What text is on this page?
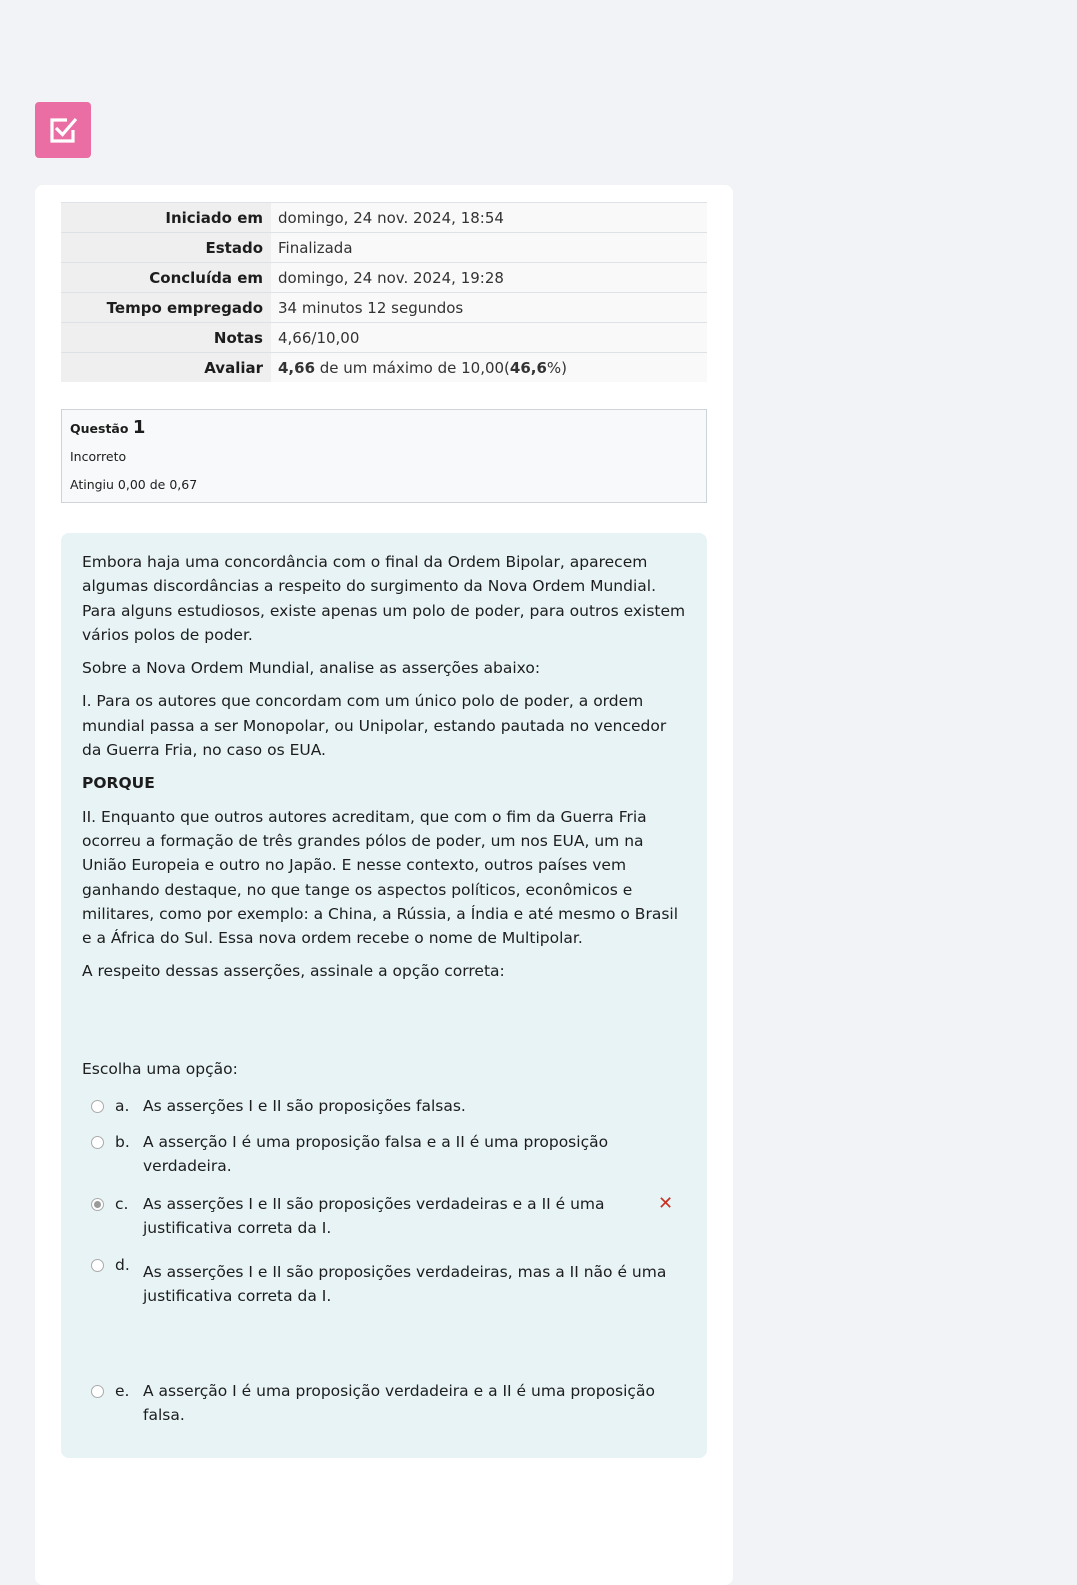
Iniciado em	domingo, 24 nov. 2024, 18:54
Estado	Finalizada
Concluída em	domingo, 24 nov. 2024, 19:28
Tempo empregado	34 minutos 12 segundos
Notas	4,66/10,00
Avaliar	4,66 de um máximo de 10,00(46,6%)
Questão 1
Incorreto
Atingiu 0,00 de 0,67

Embora haja uma concordância com o final da Ordem Bipolar, aparecem algumas discordâncias a respeito do surgimento da Nova Ordem Mundial. Para alguns estudiosos, existe apenas um polo de poder, para outros existem vários polos de poder.

Sobre a Nova Ordem Mundial, analise as asserções abaixo:

I. Para os autores que concordam com um único polo de poder, a ordem mundial passa a ser Monopolar, ou Unipolar, estando pautada no vencedor da Guerra Fria, no caso os EUA.

PORQUE

II. Enquanto que outros autores acreditam, que com o fim da Guerra Fria ocorreu a formação de três grandes pólos de poder, um nos EUA, um na União Europeia e outro no Japão. E nesse contexto, outros países vem ganhando destaque, no que tange os aspectos políticos, econômicos e militares, como por exemplo: a China, a Rússia, a Índia e até mesmo o Brasil e a África do Sul. Essa nova ordem recebe o nome de Multipolar.

A respeito dessas asserções, assinale a opção correta:

Escolha uma opção:
a. As asserções I e II são proposições falsas.
b. A asserção I é uma proposição falsa e a II é uma proposição verdadeira.
c. As asserções I e II são proposições verdadeiras e a II é uma justificativa correta da I.
✕
d. As asserções I e II são proposições verdadeiras, mas a II não é uma justificativa correta da I.
e. A asserção I é uma proposição verdadeira e a II é uma proposição falsa.
